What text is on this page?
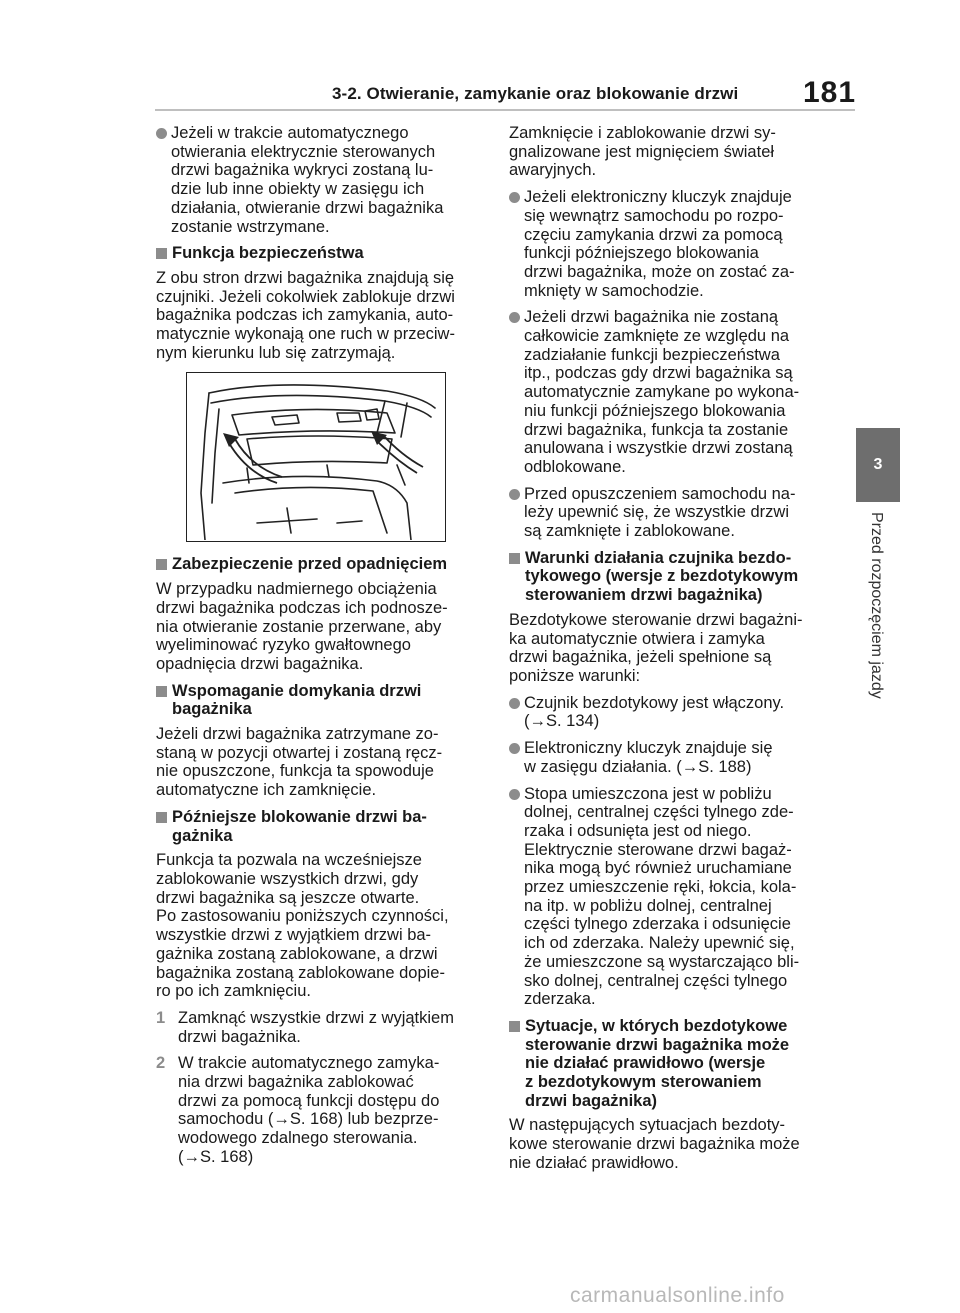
3-2. Otwieranie, zamykanie oraz blokowanie drzwi 181
3
Przed rozpoczęciem jazdy
Jeżeli w trakcie automatycznego
otwierania elektrycznie sterowanych
drzwi bagażnika wykryci zostaną lu-
dzie lub inne obiekty w zasięgu ich
działania, otwieranie drzwi bagażnika
zostanie wstrzymane.
Funkcja bezpieczeństwa

Z obu stron drzwi bagażnika znajdują się
czujniki. Jeżeli cokolwiek zablokuje drzwi
bagażnika podczas ich zamykania, auto-
matycznie wykonają one ruch w przeciw-
nym kierunku lub się zatrzymają.

Zabezpieczenie przed opadnięciem

W przypadku nadmiernego obciążenia
drzwi bagażnika podczas ich podnosze-
nia otwieranie zostanie przerwane, aby
wyeliminować ryzyko gwałtownego
opadnięcia drzwi bagażnika.

Wspomaganie domykania drzwi
bagażnika

Jeżeli drzwi bagażnika zatrzymane zo-
staną w pozycji otwartej i zostaną ręcz-
nie opuszczone, funkcja ta spowoduje
automatyczne ich zamknięcie.

Późniejsze blokowanie drzwi ba-
gażnika

Funkcja ta pozwala na wcześniejsze
zablokowanie wszystkich drzwi, gdy
drzwi bagażnika są jeszcze otwarte.
Po zastosowaniu poniższych czynności,
wszystkie drzwi z wyjątkiem drzwi ba-
gażnika zostaną zablokowane, a drzwi
bagażnika zostaną zablokowane dopie-
ro po ich zamknięciu.

1 Zamknąć wszystkie drzwi z wyjątkiem
drzwi bagażnika.
2 W trakcie automatycznego zamyka-
nia drzwi bagażnika zablokować
drzwi za pomocą funkcji dostępu do
samochodu (→S. 168) lub bezprze-
wodowego zdalnego sterowania.
(→S. 168)

Zamknięcie i zablokowanie drzwi sy-
gnalizowane jest mignięciem świateł
awaryjnych.

Jeżeli elektroniczny kluczyk znajduje
się wewnątrz samochodu po rozpo-
częciu zamykania drzwi za pomocą
funkcji późniejszego blokowania
drzwi bagażnika, może on zostać za-
mknięty w samochodzie.
Jeżeli drzwi bagażnika nie zostaną
całkowicie zamknięte ze względu na
zadziałanie funkcji bezpieczeństwa
itp., podczas gdy drzwi bagażnika są
automatycznie zamykane po wykona-
niu funkcji późniejszego blokowania
drzwi bagażnika, funkcja ta zostanie
anulowana i wszystkie drzwi zostaną
odblokowane.
Przed opuszczeniem samochodu na-
leży upewnić się, że wszystkie drzwi
są zamknięte i zablokowane.
Warunki działania czujnika bezdo-
tykowego (wersje z bezdotykowym
sterowaniem drzwi bagażnika)

Bezdotykowe sterowanie drzwi bagażni-
ka automatycznie otwiera i zamyka
drzwi bagażnika, jeżeli spełnione są
poniższe warunki:

Czujnik bezdotykowy jest włączony.
(→S. 134)
Elektroniczny kluczyk znajduje się
w zasięgu działania. (→S. 188)
Stopa umieszczona jest w pobliżu
dolnej, centralnej części tylnego zde-
rzaka i odsunięta jest od niego.
Elektrycznie sterowane drzwi bagaż-
nika mogą być również uruchamiane
przez umieszczenie ręki, łokcia, kola-
na itp. w pobliżu dolnej, centralnej
części tylnego zderzaka i odsunięcie
ich od zderzaka. Należy upewnić się,
że umieszczone są wystarczająco bli-
sko dolnej, centralnej części tylnego
zderzaka.
Sytuacje, w których bezdotykowe
sterowanie drzwi bagażnika może
nie działać prawidłowo (wersje
z bezdotykowym sterowaniem
drzwi bagażnika)

W następujących sytuacjach bezdoty-
kowe sterowanie drzwi bagażnika może
nie działać prawidłowo.

carmanualsonline.info
